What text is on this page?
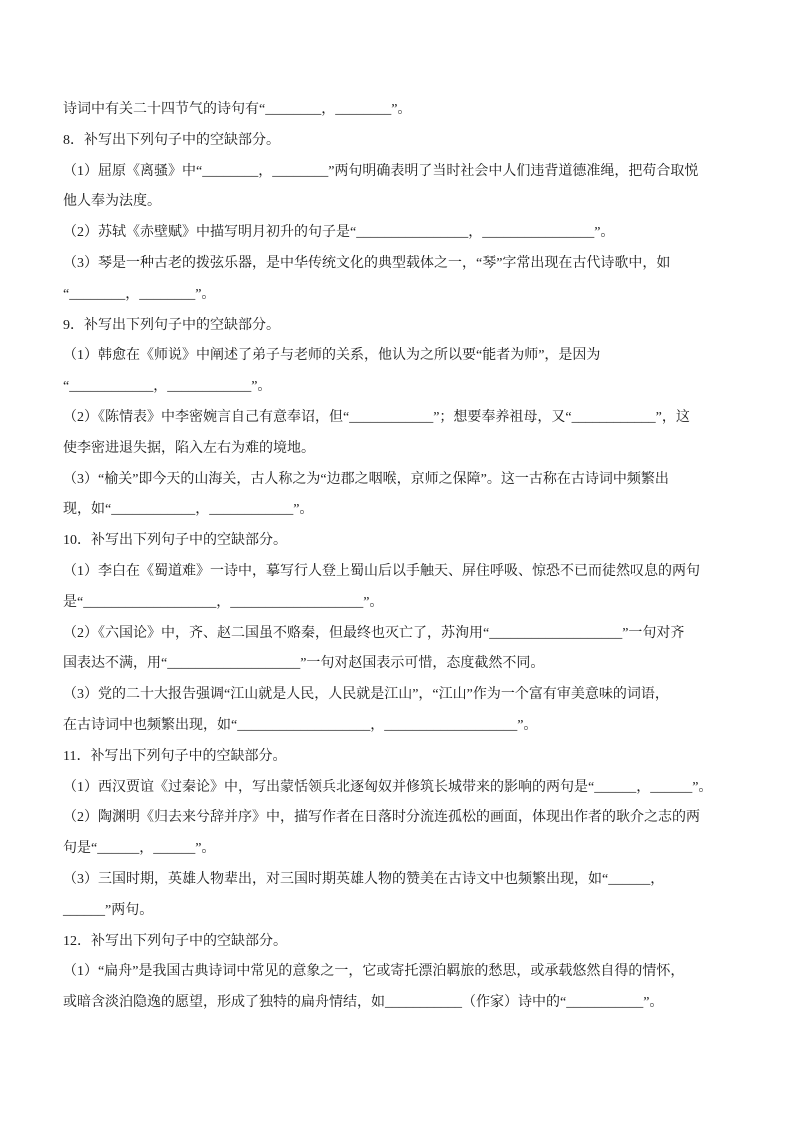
诗词中有关二十四节气的诗句有“________，________”。
8．补写出下列句子中的空缺部分。
（1）屈原《离骚》中“________，________”两句明确表明了当时社会中人们违背道德准绳，把苟合取悦
他人奉为法度。
（2）苏轼《赤壁赋》中描写明月初升的句子是“________________，________________”。
（3）琴是一种古老的拨弦乐器，是中华传统文化的典型载体之一，“琴”字常出现在古代诗歌中，如
“________，________”。
9．补写出下列句子中的空缺部分。
（1）韩愈在《师说》中阐述了弟子与老师的关系，他认为之所以要“能者为师”，是因为
“____________，____________”。
（2）《陈情表》中李密婉言自己有意奉诏，但“____________”；想要奉养祖母，又“____________”，这
使李密进退失据，陷入左右为难的境地。
（3）“榆关”即今天的山海关，古人称之为“边郡之咽喉，京师之保障”。这一古称在古诗词中频繁出
现，如“____________，____________”。
10．补写出下列句子中的空缺部分。
（1）李白在《蜀道难》一诗中，摹写行人登上蜀山后以手触天、屏住呼吸、惊恐不已而徒然叹息的两句
是“___________________，___________________”。
（2）《六国论》中，齐、赵二国虽不赂秦，但最终也灭亡了，苏洵用“___________________”一句对齐
国表达不满，用“___________________”一句对赵国表示可惜，态度截然不同。
（3）党的二十大报告强调“江山就是人民，人民就是江山”，“江山”作为一个富有审美意味的词语，
在古诗词中也频繁出现，如“___________________，___________________”。
11．补写出下列句子中的空缺部分。
（1）西汉贾谊《过秦论》中，写出蒙恬领兵北逐匈奴并修筑长城带来的影响的两句是“______，______”。
（2）陶渊明《归去来兮辞并序》中，描写作者在日落时分流连孤松的画面，体现出作者的耿介之志的两
句是“______，______”。
（3）三国时期，英雄人物辈出，对三国时期英雄人物的赞美在古诗文中也频繁出现，如“______，
______”两句。
12．补写出下列句子中的空缺部分。
（1）“扁舟”是我国古典诗词中常见的意象之一，它或寄托漂泊羁旅的愁思，或承载悠然自得的情怀，
或暗含淡泊隐逸的愿望，形成了独特的扁舟情结，如___________（作家）诗中的“___________”。
